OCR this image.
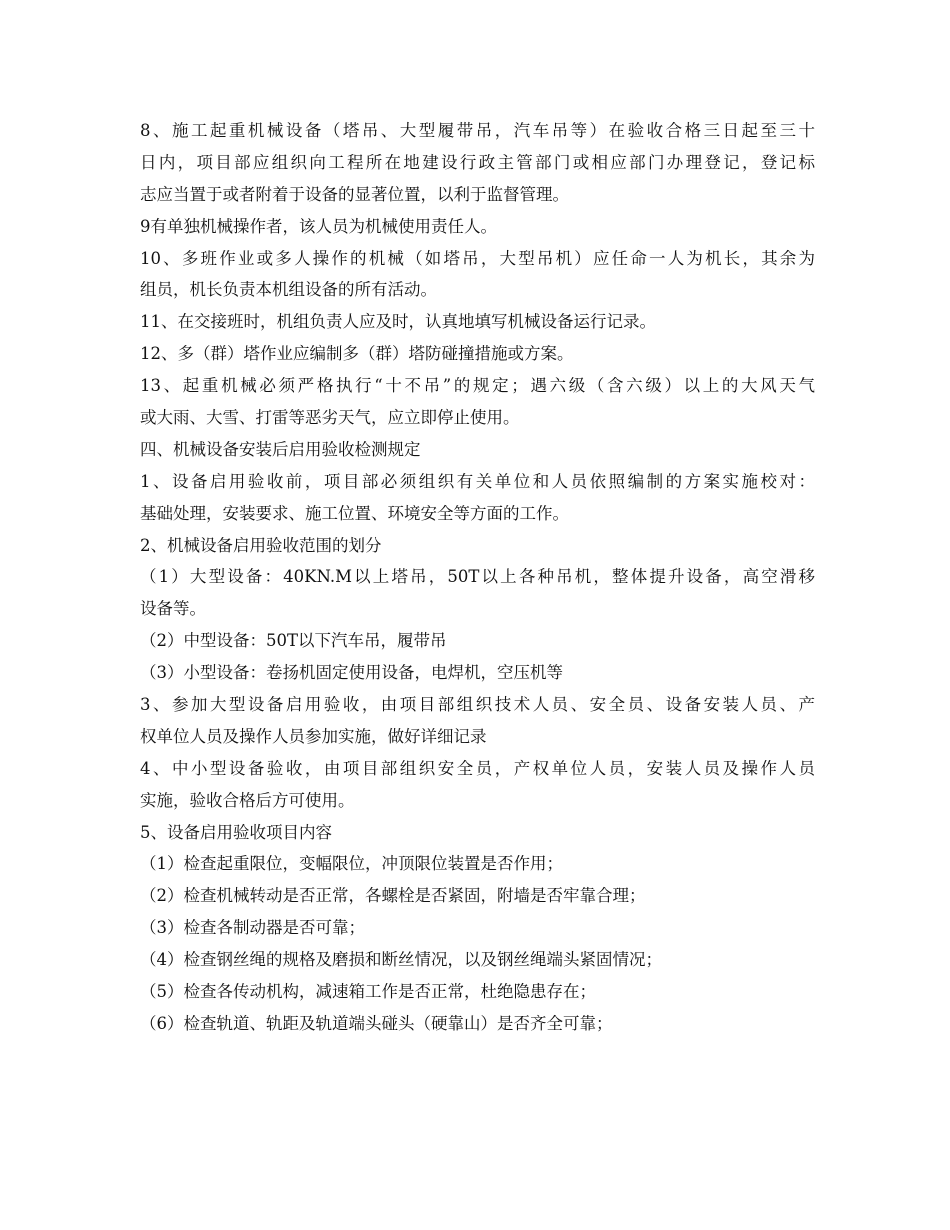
8、施工起重机械设备（塔吊、大型履带吊，汽车吊等）在验收合格三日起至三十

日内，项目部应组织向工程所在地建设行政主管部门或相应部门办理登记，登记标

志应当置于或者附着于设备的显著位置，以利于监督管理。

9有单独机械操作者，该人员为机械使用责任人。

10、多班作业或多人操作的机械（如塔吊，大型吊机）应任命一人为机长，其余为

组员，机长负责本机组设备的所有活动。

11、在交接班时，机组负责人应及时，认真地填写机械设备运行记录。

12、多（群）塔作业应编制多（群）塔防碰撞措施或方案。

13、起重机械必须严格执行“十不吊”的规定；遇六级（含六级）以上的大风天气

或大雨、大雪、打雷等恶劣天气，应立即停止使用。

四、机械设备安装后启用验收检测规定

1、设备启用验收前，项目部必须组织有关单位和人员依照编制的方案实施校对：

基础处理，安装要求、施工位置、环境安全等方面的工作。

2、机械设备启用验收范围的划分

（1）大型设备：40KN.M以上塔吊，50T以上各种吊机，整体提升设备，高空滑移

设备等。

（2）中型设备：50T以下汽车吊，履带吊

（3）小型设备：卷扬机固定使用设备，电焊机，空压机等

3、参加大型设备启用验收，由项目部组织技术人员、安全员、设备安装人员、产

权单位人员及操作人员参加实施，做好详细记录

4、中小型设备验收，由项目部组织安全员，产权单位人员，安装人员及操作人员

实施，验收合格后方可使用。

5、设备启用验收项目内容

（1）检查起重限位，变幅限位，冲顶限位装置是否作用；

（2）检查机械转动是否正常，各螺栓是否紧固，附墙是否牢靠合理；

（3）检查各制动器是否可靠；

（4）检查钢丝绳的规格及磨损和断丝情况，以及钢丝绳端头紧固情况；

（5）检查各传动机构，减速箱工作是否正常，杜绝隐患存在；

（6）检查轨道、轨距及轨道端头碰头（硬靠山）是否齐全可靠；
